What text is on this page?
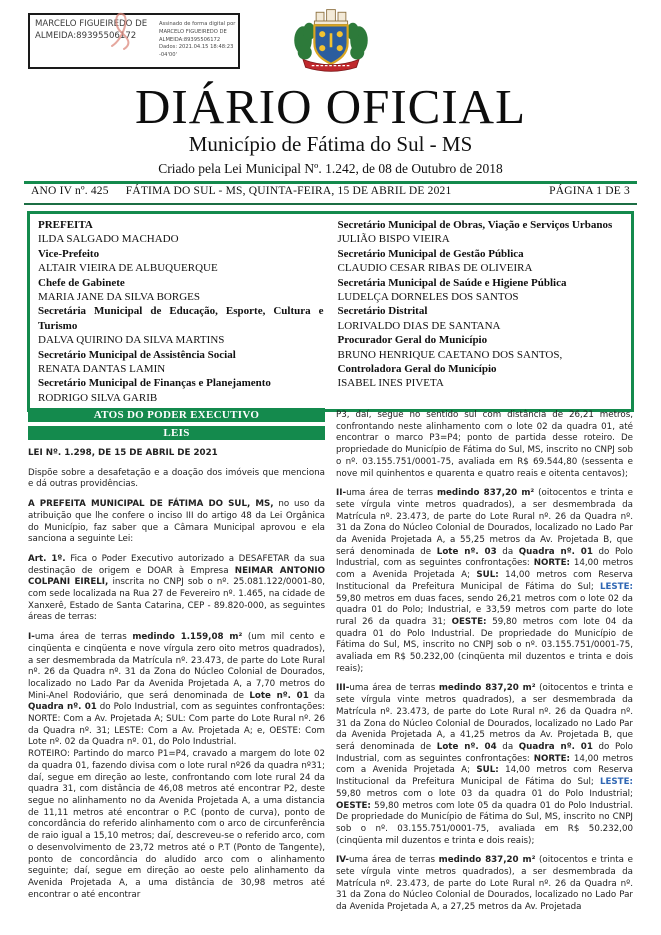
MARCELO FIGUEIREDO DE ALMEIDA:89395506172
Assinado de forma digital por MARCELO FIGUEIREDO DE ALMEIDA:89395506172 Dados: 2021.04.15 18:48:23 -04'00'
DIÁRIO OFICIAL
Município de Fátima do Sul - MS
Criado pela Lei Municipal Nº. 1.242, de 08 de Outubro de 2018
ANO IV nº. 425 FÁTIMA DO SUL - MS, QUINTA-FEIRA, 15 DE ABRIL DE 2021	PÁGINA 1 DE 3
PREFEITA
ILDA SALGADO MACHADO
Vice-Prefeito
ALTAIR VIEIRA DE ALBUQUERQUE
Chefe de Gabinete
MARIA JANE DA SILVA BORGES
Secretária Municipal de Educação, Esporte, Cultura e Turismo
DALVA QUIRINO DA SILVA MARTINS
Secretário Municipal de Assistência Social
RENATA DANTAS LAMIN
Secretário Municipal de Finanças e Planejamento
RODRIGO SILVA GARIB
Secretário Municipal de Obras, Viação e Serviços Urbanos
JULIÃO BISPO VIEIRA
Secretário Municipal de Gestão Pública
CLAUDIO CESAR RIBAS DE OLIVEIRA
Secretária Municipal de Saúde e Higiene Pública
LUDELÇA DORNELES DOS SANTOS
Secretário Distrital
LORIVALDO DIAS DE SANTANA
Procurador Geral do Município
BRUNO HENRIQUE CAETANO DOS SANTOS,
Controladora Geral do Município
ISABEL INES PIVETA
ATOS DO PODER EXECUTIVO
LEIS

LEI Nº. 1.298, DE 15 DE ABRIL DE 2021

Dispõe sobre a desafetação e a doação dos imóveis que menciona e dá outras providências.

A PREFEITA MUNICIPAL DE FÁTIMA DO SUL, MS, no uso da atribuição que lhe confere o inciso III do artigo 48 da Lei Orgânica do Município, faz saber que a Câmara Municipal aprovou e ela sanciona a seguinte Lei:

Art. 1º. Fica o Poder Executivo autorizado a DESAFETAR da sua destinação de origem e DOAR à Empresa NEIMAR ANTONIO COLPANI EIRELI, inscrita no CNPJ sob o nº. 25.081.122/0001-80, com sede localizada na Rua 27 de Fevereiro nº. 1.465, na cidade de Xanxerê, Estado de Santa Catarina, CEP - 89.820-000, as seguintes áreas de terras:

I-uma área de terras medindo 1.159,08 m² (um mil cento e cinqüenta e cinqüenta e nove vírgula zero oito metros quadrados), a ser desmembrada da Matrícula nº. 23.473, de parte do Lote Rural nº. 26 da Quadra nº. 31 da Zona do Núcleo Colonial de Dourados, localizado no Lado Par da Avenida Projetada A, a 7,70 metros do Mini-Anel Rodoviário, que será denominada de Lote nº. 01 da Quadra nº. 01 do Polo Industrial, com as seguintes confrontações: NORTE: Com a Av. Projetada A; SUL: Com parte do Lote Rural nº. 26 da Quadra nº. 31; LESTE: Com a Av. Projetada A; e, OESTE: Com Lote nº. 02 da Quadra nº. 01, do Polo Industrial.

ROTEIRO: Partindo do marco P1=P4, cravado a margem do lote 02 da quadra 01, fazendo divisa com o lote rural nº26 da quadra nº31; daí, segue em direção ao leste, confrontando com lote rural 24 da quadra 31, com distância de 46,08 metros até encontrar P2, deste segue no alinhamento no da Avenida Projetada A, a uma distancia de 11,11 metros até encontrar o P.C (ponto de curva), ponto de concordância do referido alinhamento com o arco de circunferência de raio igual a 15,10 metros; daí, descreveu-se o referido arco, com o desenvolvimento de 23,72 metros até o P.T (Ponto de Tangente), ponto de concordância do aludido arco com o alinhamento seguinte; daí, segue em direção ao oeste pelo alinhamento da Avenida Projetada A, a uma distância de 30,98 metros até encontrar o até encontrar

P3, daí, segue no sentido sul com distância de 26,21 metros, confrontando neste alinhamento com o lote 02 da quadra 01, até encontrar o marco P3=P4; ponto de partida desse roteiro. De propriedade do Município de Fátima do Sul, MS, inscrito no CNPJ sob o nº. 03.155.751/0001-75, avaliada em R$ 69.544,80 (sessenta e nove mil quinhentos e quarenta e quatro reais e oitenta centavos);

II-uma área de terras medindo 837,20 m² (oitocentos e trinta e sete vírgula vinte metros quadrados), a ser desmembrada da Matrícula nº. 23.473, de parte do Lote Rural nº. 26 da Quadra nº. 31 da Zona do Núcleo Colonial de Dourados, localizado no Lado Par da Avenida Projetada A, a 55,25 metros da Av. Projetada B, que será denominada de Lote nº. 03 da Quadra nº. 01 do Polo Industrial, com as seguintes confrontações: NORTE: 14,00 metros com a Avenida Projetada A; SUL: 14,00 metros com Reserva Institucional da Prefeitura Municipal de Fátima do Sul; LESTE: 59,80 metros em duas faces, sendo 26,21 metros com o lote 02 da quadra 01 do Polo; Industrial, e 33,59 metros com parte do lote rural 26 da quadra 31; OESTE: 59,80 metros com lote 04 da quadra 01 do Polo Industrial. De propriedade do Município de Fátima do Sul, MS, inscrito no CNPJ sob o nº. 03.155.751/0001-75, avaliada em R$ 50.232,00 (cinqüenta mil duzentos e trinta e dois reais);

III-uma área de terras medindo 837,20 m² (oitocentos e trinta e sete vírgula vinte metros quadrados), a ser desmembrada da Matrícula nº. 23.473, de parte do Lote Rural nº. 26 da Quadra nº. 31 da Zona do Núcleo Colonial de Dourados, localizado no Lado Par da Avenida Projetada A, a 41,25 metros da Av. Projetada B, que será denominada de Lote nº. 04 da Quadra nº. 01 do Polo Industrial, com as seguintes confrontações: NORTE: 14,00 metros com a Avenida Projetada A; SUL: 14,00 metros com Reserva Institucional da Prefeitura Municipal de Fátima do Sul; LESTE: 59,80 metros com o lote 03 da quadra 01 do Polo Industrial; OESTE: 59,80 metros com lote 05 da quadra 01 do Polo Industrial. De propriedade do Município de Fátima do Sul, MS, inscrito no CNPJ sob o nº. 03.155.751/0001-75, avaliada em R$ 50.232,00 (cinqüenta mil duzentos e trinta e dois reais);

IV-uma área de terras medindo 837,20 m² (oitocentos e trinta e sete vírgula vinte metros quadrados), a ser desmembrada da Matrícula nº. 23.473, de parte do Lote Rural nº. 26 da Quadra nº. 31 da Zona do Núcleo Colonial de Dourados, localizado no Lado Par da Avenida Projetada A, a 27,25 metros da Av. Projetada
